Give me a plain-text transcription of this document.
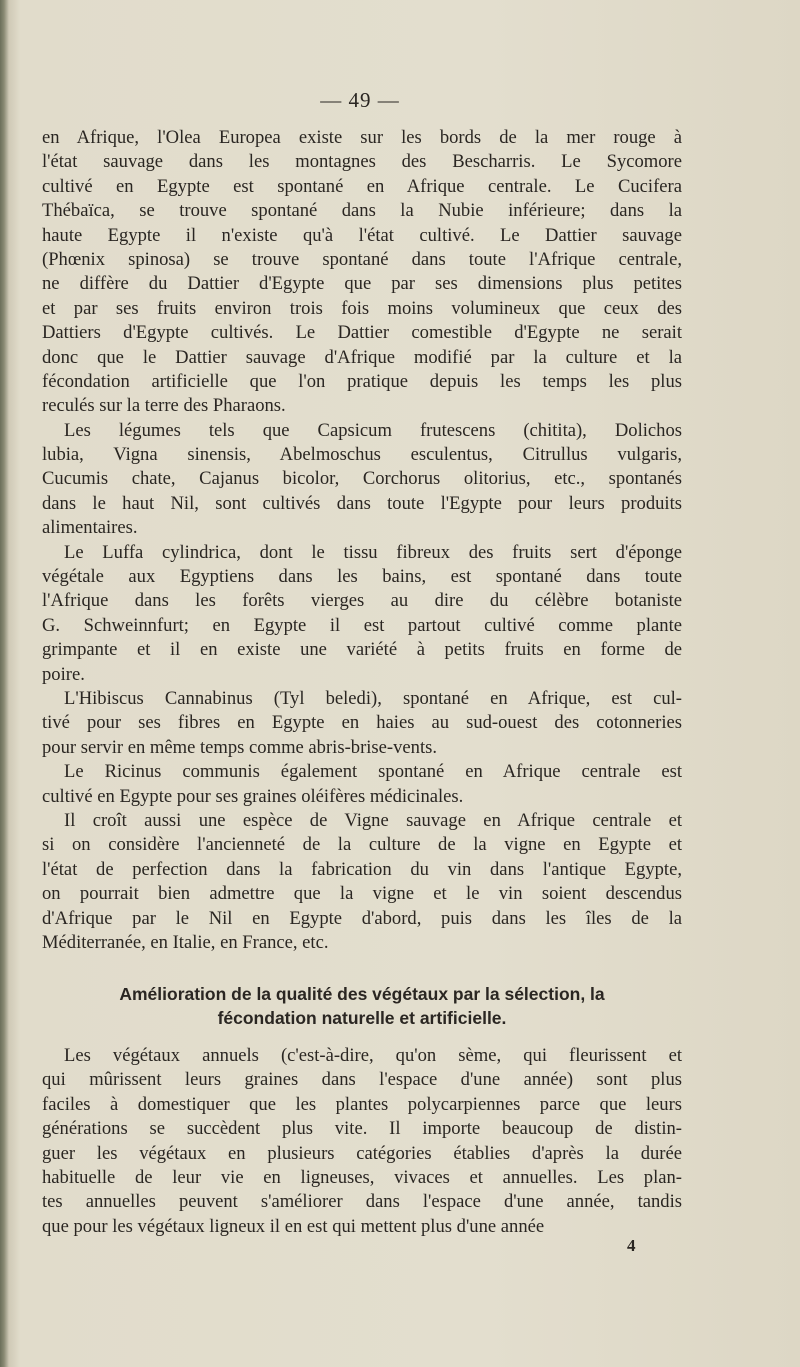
— 49 —
en Afrique, l'Olea Europea existe sur les bords de la mer rouge à
l'état sauvage dans les montagnes des Bescharris. Le Sycomore
cultivé en Egypte est spontané en Afrique centrale. Le Cucifera
Thébaïca, se trouve spontané dans la Nubie inférieure; dans la
haute Egypte il n'existe qu'à l'état cultivé. Le Dattier sauvage
(Phœnix spinosa) se trouve spontané dans toute l'Afrique centrale,
ne diffère du Dattier d'Egypte que par ses dimensions plus petites
et par ses fruits environ trois fois moins volumineux que ceux des
Dattiers d'Egypte cultivés. Le Dattier comestible d'Egypte ne serait
donc que le Dattier sauvage d'Afrique modifié par la culture et la
fécondation artificielle que l'on pratique depuis les temps les plus
reculés sur la terre des Pharaons.
Les légumes tels que Capsicum frutescens (chitita), Dolichos
lubia, Vigna sinensis, Abelmoschus esculentus, Citrullus vulgaris,
Cucumis chate, Cajanus bicolor, Corchorus olitorius, etc., spontanés
dans le haut Nil, sont cultivés dans toute l'Egypte pour leurs produits
alimentaires.
Le Luffa cylindrica, dont le tissu fibreux des fruits sert d'éponge
végétale aux Egyptiens dans les bains, est spontané dans toute
l'Afrique dans les forêts vierges au dire du célèbre botaniste
G. Schweinnfurt; en Egypte il est partout cultivé comme plante
grimpante et il en existe une variété à petits fruits en forme de
poire.
L'Hibiscus Cannabinus (Tyl beledi), spontané en Afrique, est cul-
tivé pour ses fibres en Egypte en haies au sud-ouest des cotonneries
pour servir en même temps comme abris-brise-vents.
Le Ricinus communis également spontané en Afrique centrale est
cultivé en Egypte pour ses graines oléifères médicinales.
Il croît aussi une espèce de Vigne sauvage en Afrique centrale et
si on considère l'ancienneté de la culture de la vigne en Egypte et
l'état de perfection dans la fabrication du vin dans l'antique Egypte,
on pourrait bien admettre que la vigne et le vin soient descendus
d'Afrique par le Nil en Egypte d'abord, puis dans les îles de la
Méditerranée, en Italie, en France, etc.
Amélioration de la qualité des végétaux par la sélection, la
fécondation naturelle et artificielle.
Les végétaux annuels (c'est-à-dire, qu'on sème, qui fleurissent et
qui mûrissent leurs graines dans l'espace d'une année) sont plus
faciles à domestiquer que les plantes polycarpiennes parce que leurs
générations se succèdent plus vite. Il importe beaucoup de distin-
guer les végétaux en plusieurs catégories établies d'après la durée
habituelle de leur vie en ligneuses, vivaces et annuelles. Les plan-
tes annuelles peuvent s'améliorer dans l'espace d'une année, tandis
que pour les végétaux ligneux il en est qui mettent plus d'une année
4
